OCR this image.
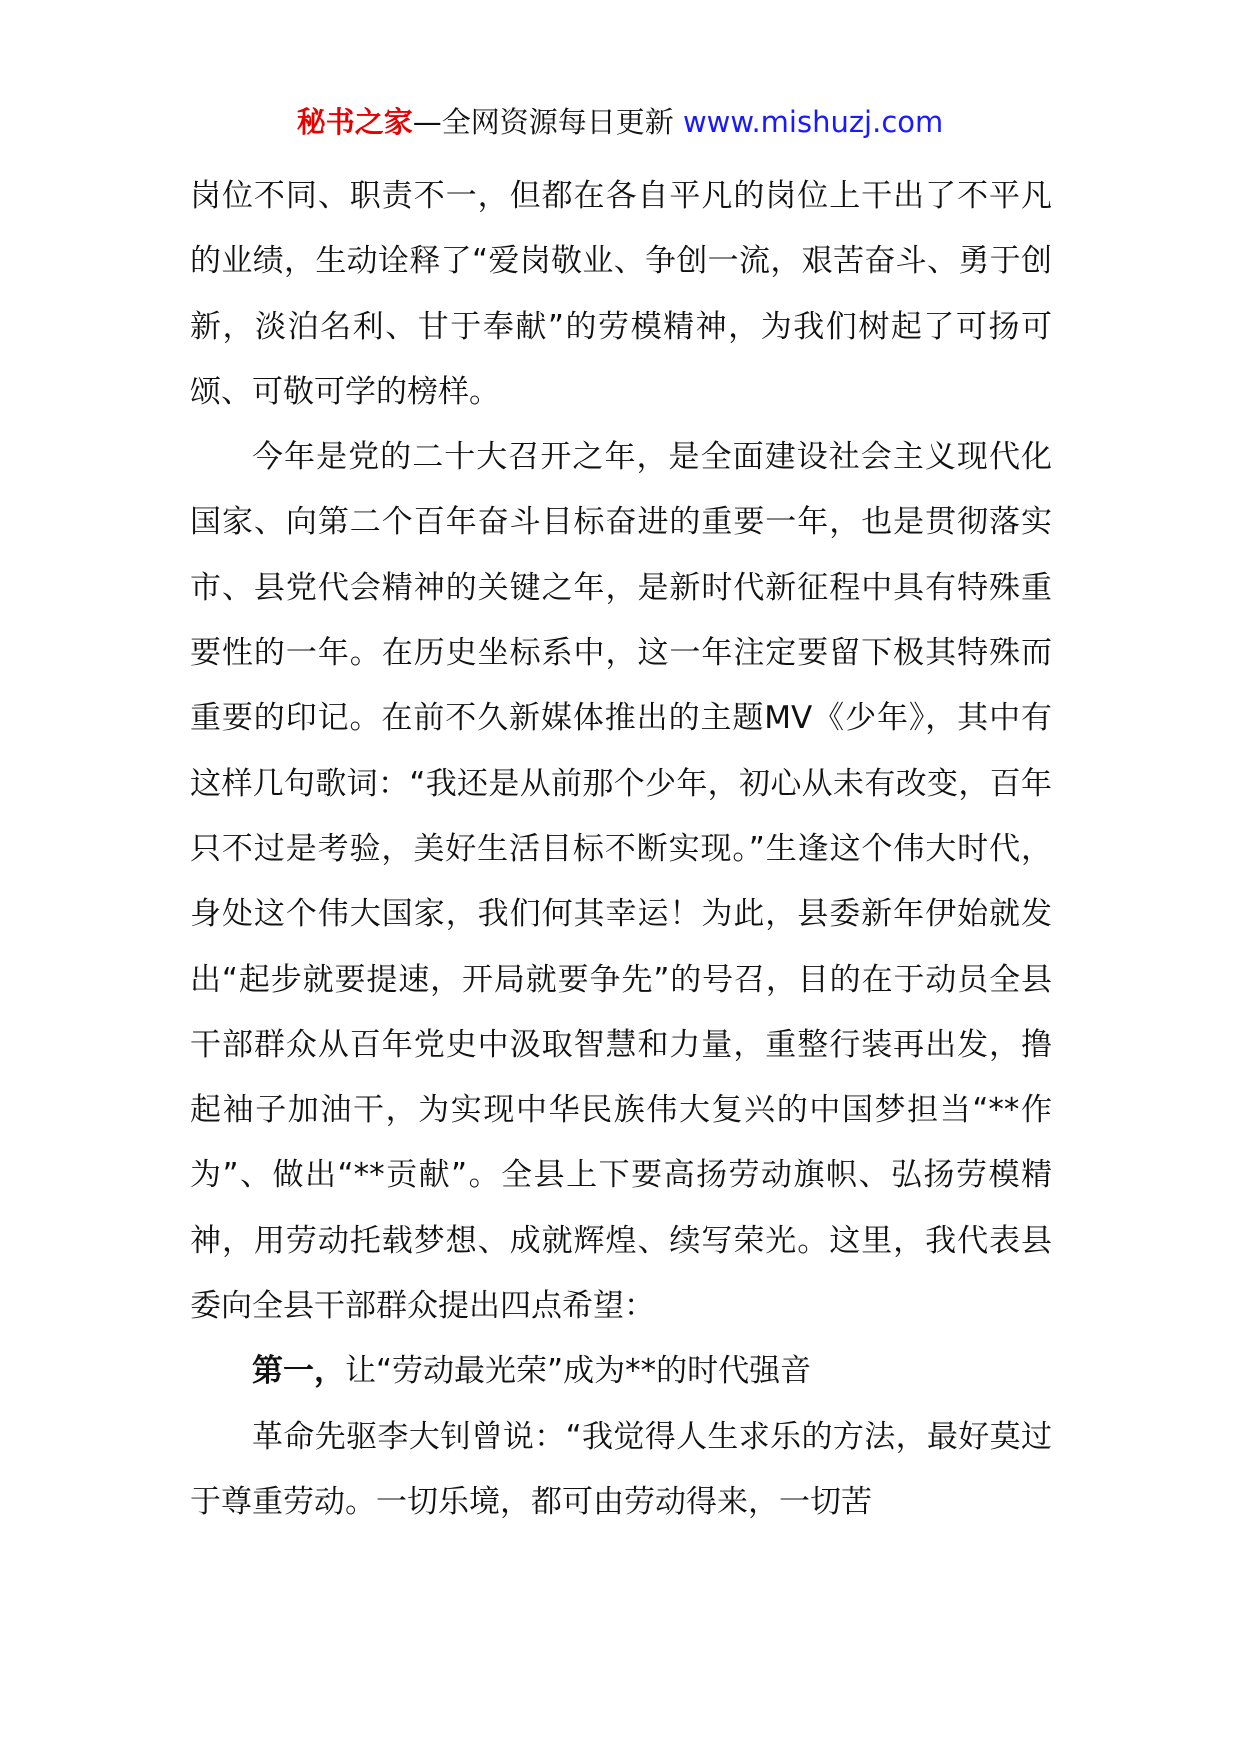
秘书之家—全网资源每日更新 www.mishuzj.com

岗位不同、职责不一，但都在各自平凡的岗位上干出了不平凡的业绩，生动诠释了“爱岗敬业、争创一流，艰苦奋斗、勇于创新，淡泊名利、甘于奉献”的劳模精神，为我们树起了可扬可颂、可敬可学的榜样。

今年是党的二十大召开之年，是全面建设社会主义现代化国家、向第二个百年奋斗目标奋进的重要一年，也是贯彻落实市、县党代会精神的关键之年，是新时代新征程中具有特殊重要性的一年。在历史坐标系中，这一年注定要留下极其特殊而重要的印记。在前不久新媒体推出的主题MV《少年》，其中有这样几句歌词：“我还是从前那个少年，初心从未有改变，百年只不过是考验，美好生活目标不断实现。”生逢这个伟大时代，身处这个伟大国家，我们何其幸运！为此，县委新年伊始就发出“起步就要提速，开局就要争先”的号召，目的在于动员全县干部群众从百年党史中汲取智慧和力量，重整行装再出发，撸起袖子加油干，为实现中华民族伟大复兴的中国梦担当“**作为”、做出“**贡献”。全县上下要高扬劳动旗帜、弘扬劳模精神，用劳动托载梦想、成就辉煌、续写荣光。这里，我代表县委向全县干部群众提出四点希望：

第一，让“劳动最光荣”成为**的时代强音

革命先驱李大钊曾说：“我觉得人生求乐的方法，最好莫过于尊重劳动。一切乐境，都可由劳动得来，一切苦
